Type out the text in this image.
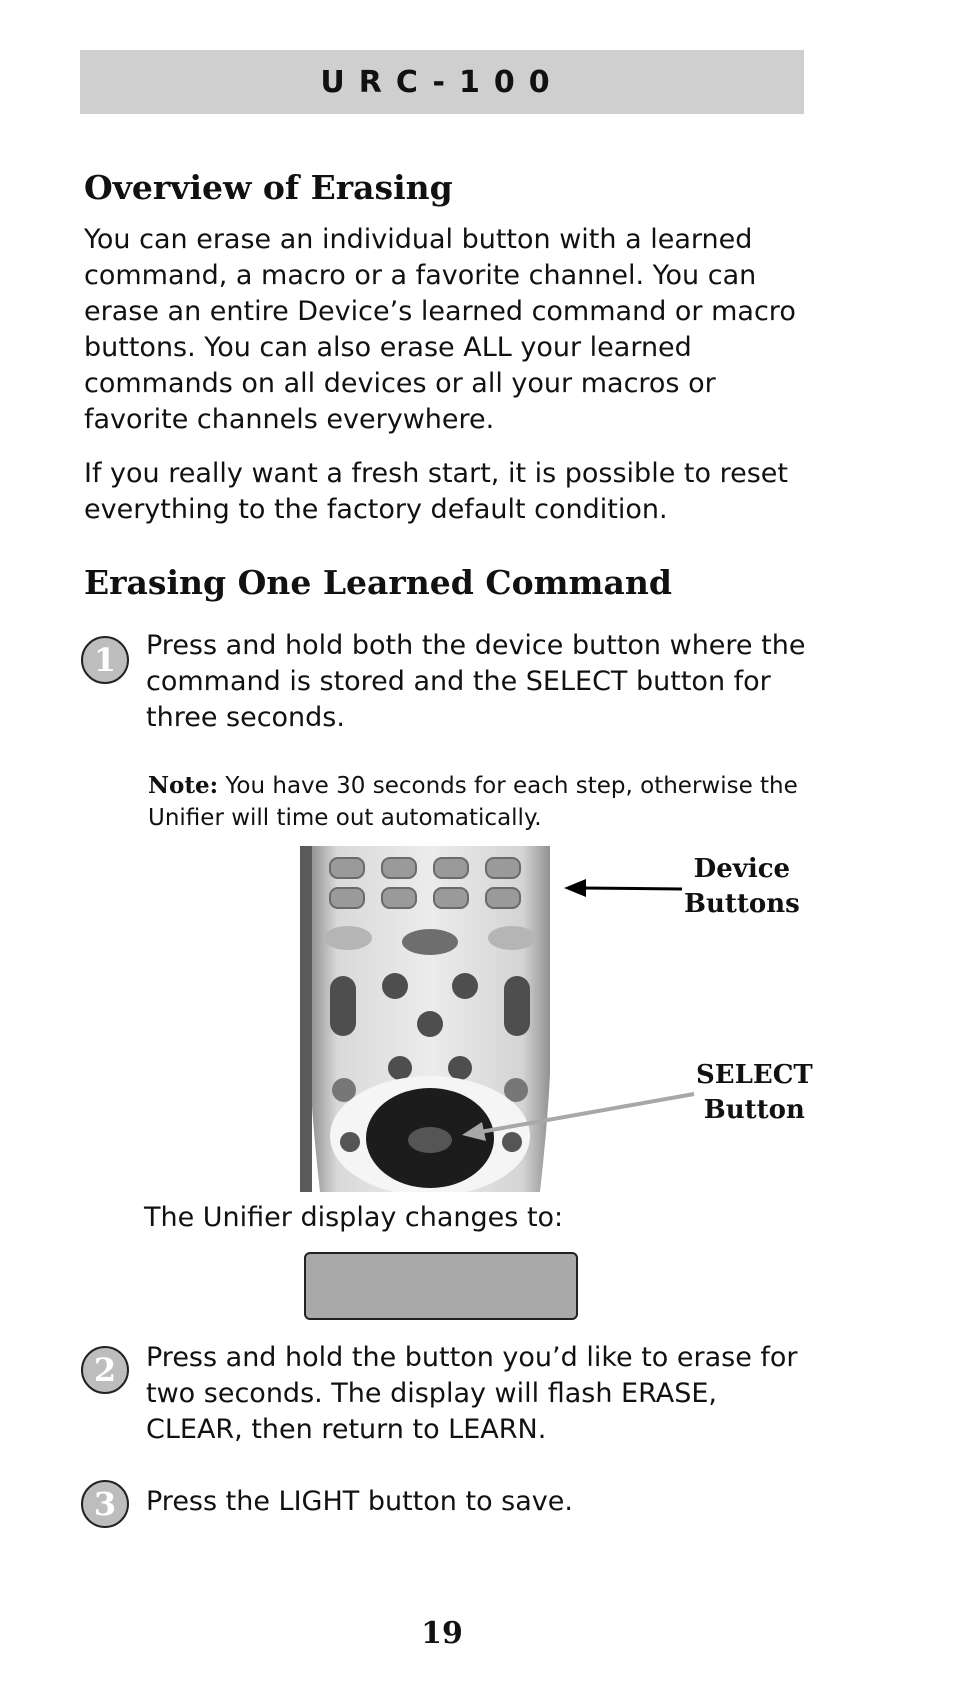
URC-100
Overview of Erasing

You can erase an individual button with a learned command, a macro or a favorite channel. You can erase an entire Device’s learned command or macro buttons. You can also erase ALL your learned commands on all devices or all your macros or favorite channels everywhere.

If you really want a fresh start, it is possible to reset everything to the factory default condition.

Erasing One Learned Command
1	Press and hold both the device button where the command is stored and the SELECT button for three seconds.

Note: You have 30 seconds for each step, otherwise the Unifier will time out automatically.

Device
Buttons
SELECT
Button

The Unifier display changes to:

2	Press and hold the button you’d like to erase for two seconds. The display will flash ERASE, CLEAR, then return to LEARN.

3	Press the LIGHT button to save.

19
